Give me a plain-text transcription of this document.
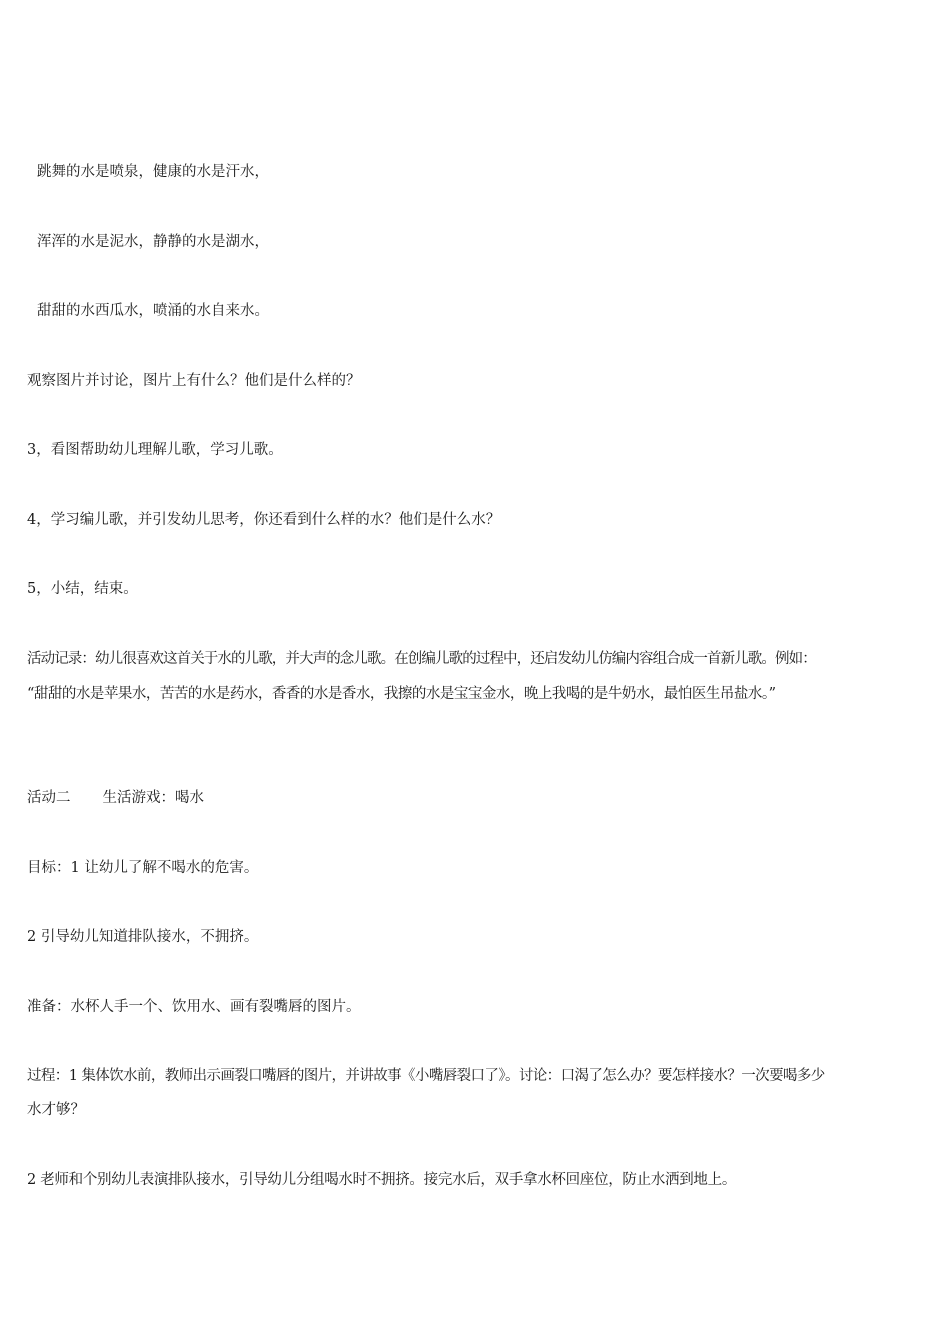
跳舞的水是喷泉，健康的水是汗水，
浑浑的水是泥水，静静的水是湖水，
甜甜的水西瓜水，喷涌的水自来水。
观察图片并讨论，图片上有什么？他们是什么样的？
3，看图帮助幼儿理解儿歌，学习儿歌。
4，学习编儿歌，并引发幼儿思考，你还看到什么样的水？他们是什么水？
5，小结，结束。
活动记录：幼儿很喜欢这首关于水的儿歌，并大声的念儿歌。在创编儿歌的过程中，还启发幼儿仿编内容组合成一首新儿歌。例如：
“甜甜的水是苹果水，苦苦的水是药水，香香的水是香水，我擦的水是宝宝金水，晚上我喝的是牛奶水，最怕医生吊盐水。”
活动二 生活游戏：喝水
目标：1 让幼儿了解不喝水的危害。
2 引导幼儿知道排队接水，不拥挤。
准备：水杯人手一个、饮用水、画有裂嘴唇的图片。
过程：1 集体饮水前，教师出示画裂口嘴唇的图片，并讲故事《小嘴唇裂口了》。讨论：口渴了怎么办？要怎样接水？一次要喝多少
水才够？
2 老师和个别幼儿表演排队接水，引导幼儿分组喝水时不拥挤。接完水后，双手拿水杯回座位，防止水洒到地上。
